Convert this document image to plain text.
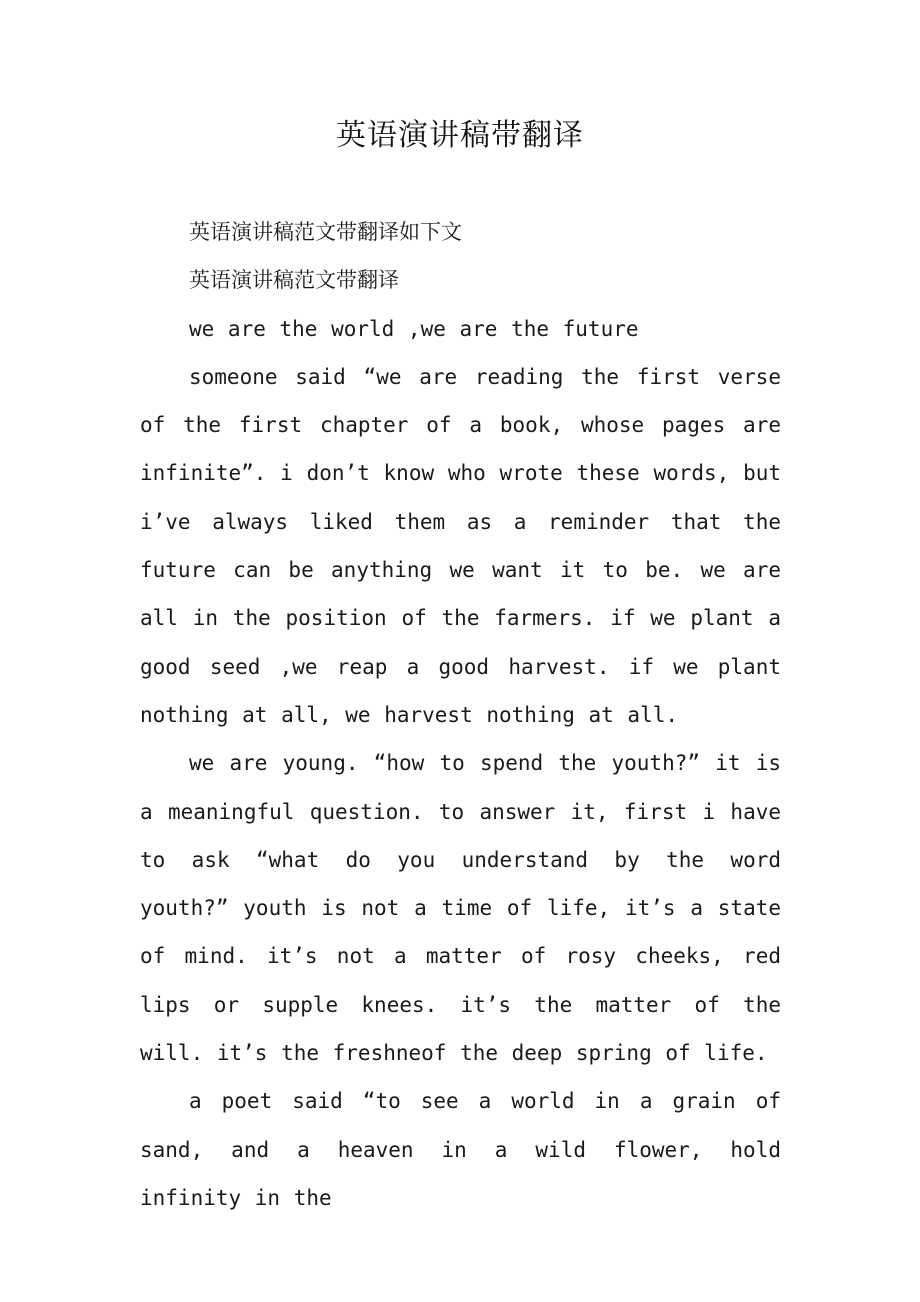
英语演讲稿带翻译

英语演讲稿范文带翻译如下文

英语演讲稿范文带翻译

we are the world ,we are the future

someone said “we are reading the first verse of the first chapter of a book, whose pages are infinite”. i don’t know who wrote these words, but i’ve always liked them as a reminder that the future can be anything we want it to be. we are all in the position of the farmers. if we plant a good seed ,we reap a good harvest. if we plant nothing at all, we harvest nothing at all.

we are young. “how to spend the youth?” it is a meaningful question. to answer it, first i have to ask “what do you understand by the word youth?” youth is not a time of life, it’s a state of mind. it’s not a matter of rosy cheeks, red lips or supple knees. it’s the matter of the will. it’s the freshneof the deep spring of life.

a poet said “to see a world in a grain of sand, and a heaven in a wild flower, hold infinity in the
